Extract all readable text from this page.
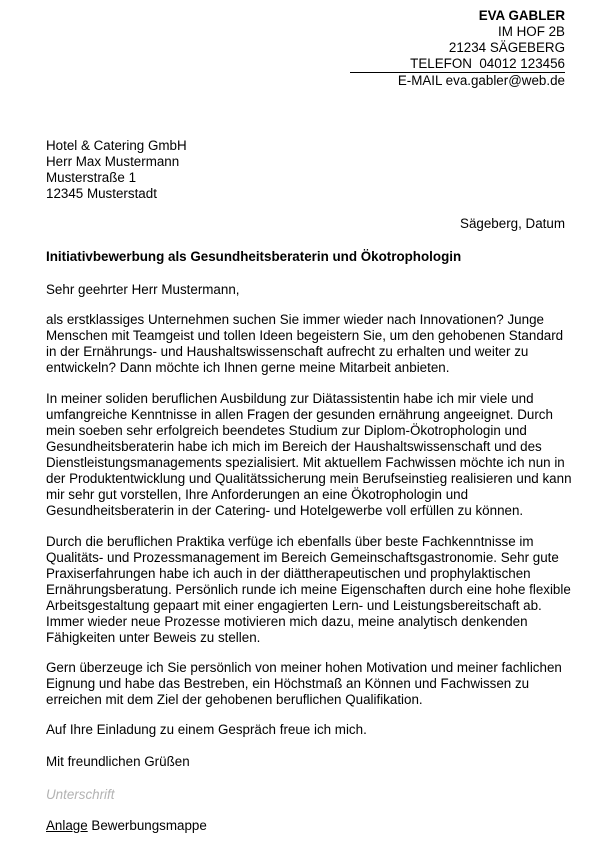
EVA GABLER
IM HOF 2B
21234 SÄGEBERG
TELEFON  04012 123456
E-MAIL eva.gabler@web.de
Hotel & Catering GmbH
Herr Max Mustermann
Musterstraße 1
12345 Musterstadt
Sägeberg, Datum
Initiativbewerbung als Gesundheitsberaterin und Ökotrophologin
Sehr geehrter Herr Mustermann,
als erstklassiges Unternehmen suchen Sie immer wieder nach Innovationen? Junge Menschen mit Teamgeist und tollen Ideen begeistern Sie, um den gehobenen Standard in der Ernährungs- und Haushaltswissenschaft aufrecht zu erhalten und weiter zu entwickeln? Dann möchte ich Ihnen gerne meine Mitarbeit anbieten.
In meiner soliden beruflichen Ausbildung zur Diätassistentin habe ich mir viele und umfangreiche Kenntnisse in allen Fragen der gesunden ernährung angeeignet. Durch mein soeben sehr erfolgreich beendetes Studium zur Diplom-Ökotrophologin und Gesundheitsberaterin habe ich mich im Bereich der Haushaltswissenschaft und des Dienstleistungsmanagements spezialisiert. Mit aktuellem Fachwissen möchte ich nun in der Produktentwicklung und Qualitätssicherung mein Berufseinstieg realisieren und kann mir sehr gut vorstellen, Ihre Anforderungen an eine Ökotrophologin und Gesundheitsberaterin in der Catering- und Hotelgewerbe voll erfüllen zu können.
Durch die beruflichen Praktika verfüge ich ebenfalls über beste Fachkenntnisse im Qualitäts- und Prozessmanagement im Bereich Gemeinschaftsgastronomie. Sehr gute Praxiserfahrungen habe ich auch in der diättherapeutischen und prophylaktischen Ernährungsberatung. Persönlich runde ich meine Eigenschaften durch eine hohe flexible Arbeitsgestaltung gepaart mit einer engagierten Lern- und Leistungsbereitschaft ab. Immer wieder neue Prozesse motivieren mich dazu, meine analytisch denkenden Fähigkeiten unter Beweis zu stellen.
Gern überzeuge ich Sie persönlich von meiner hohen Motivation und meiner fachlichen Eignung und habe das Bestreben, ein Höchstmaß an Können und Fachwissen zu erreichen mit dem Ziel der gehobenen beruflichen Qualifikation.
Auf Ihre Einladung zu einem Gespräch freue ich mich.
Mit freundlichen Grüßen
Unterschrift
Anlage Bewerbungsmappe
